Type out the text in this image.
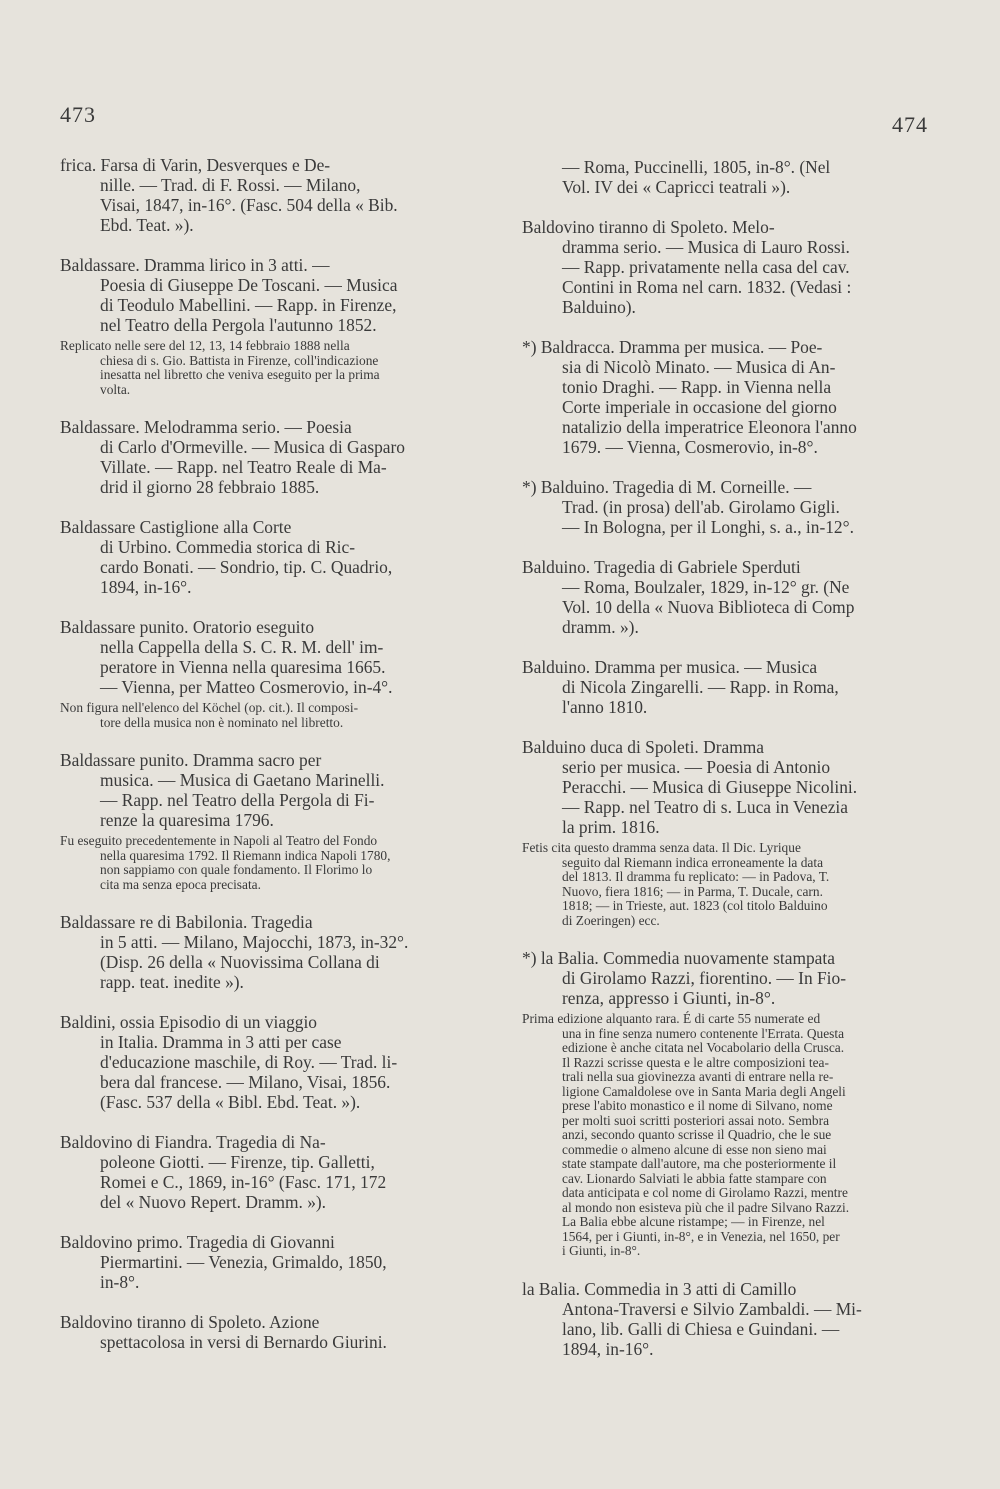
473	474
frica. Farsa di Varin, Desverques e De-
nille. — Trad. di F. Rossi. — Milano,
Visai, 1847, in-16°. (Fasc. 504 della « Bib.
Ebd. Teat. »).
Baldassare. Dramma lirico in 3 atti. —
Poesia di Giuseppe De Toscani. — Musica
di Teodulo Mabellini. — Rapp. in Firenze,
nel Teatro della Pergola l'autunno 1852.
Replicato nelle sere del 12, 13, 14 febbraio 1888 nella
chiesa di s. Gio. Battista in Firenze, coll'indicazione
inesatta nel libretto che veniva eseguito per la prima
volta.
Baldassare. Melodramma serio. — Poesia
di Carlo d'Ormeville. — Musica di Gasparo
Villate. — Rapp. nel Teatro Reale di Ma-
drid il giorno 28 febbraio 1885.
Baldassare Castiglione alla Corte
di Urbino. Commedia storica di Ric-
cardo Bonati. — Sondrio, tip. C. Quadrio,
1894, in-16°.
Baldassare punito. Oratorio eseguito
nella Cappella della S. C. R. M. dell' im-
peratore in Vienna nella quaresima 1665.
— Vienna, per Matteo Cosmerovio, in-4°.
Non figura nell'elenco del Köchel (op. cit.). Il composi-
tore della musica non è nominato nel libretto.
Baldassare punito. Dramma sacro per
musica. — Musica di Gaetano Marinelli.
— Rapp. nel Teatro della Pergola di Fi-
renze la quaresima 1796.
Fu eseguito precedentemente in Napoli al Teatro del Fondo
nella quaresima 1792. Il Riemann indica Napoli 1780,
non sappiamo con quale fondamento. Il Florimo lo
cita ma senza epoca precisata.
Baldassare re di Babilonia. Tragedia
in 5 atti. — Milano, Majocchi, 1873, in-32°.
(Disp. 26 della « Nuovissima Collana di
rapp. teat. inedite »).
Baldini, ossia Episodio di un viaggio
in Italia. Dramma in 3 atti per case
d'educazione maschile, di Roy. — Trad. li-
bera dal francese. — Milano, Visai, 1856.
(Fasc. 537 della « Bibl. Ebd. Teat. »).
Baldovino di Fiandra. Tragedia di Na-
poleone Giotti. — Firenze, tip. Galletti,
Romei e C., 1869, in-16° (Fasc. 171, 172
del « Nuovo Repert. Dramm. »).
Baldovino primo. Tragedia di Giovanni
Piermartini. — Venezia, Grimaldo, 1850,
in-8°.
Baldovino tiranno di Spoleto. Azione
spettacolosa in versi di Bernardo Giurini.
— Roma, Puccinelli, 1805, in-8°. (Nel
Vol. IV dei « Capricci teatrali »).
Baldovino tiranno di Spoleto. Melo-
dramma serio. — Musica di Lauro Rossi.
— Rapp. privatamente nella casa del cav.
Contini in Roma nel carn. 1832. (Vedasi :
Balduino).
*) Baldracca. Dramma per musica. — Poe-
sia di Nicolò Minato. — Musica di An-
tonio Draghi. — Rapp. in Vienna nella
Corte imperiale in occasione del giorno
natalizio della imperatrice Eleonora l'anno
1679. — Vienna, Cosmerovio, in-8°.
*) Balduino. Tragedia di M. Corneille. —
Trad. (in prosa) dell'ab. Girolamo Gigli.
— In Bologna, per il Longhi, s. a., in-12°.
Balduino. Tragedia di Gabriele Sperduti
— Roma, Boulzaler, 1829, in-12° gr. (Ne
Vol. 10 della « Nuova Biblioteca di Comp
dramm. »).
Balduino. Dramma per musica. — Musica
di Nicola Zingarelli. — Rapp. in Roma,
l'anno 1810.
Balduino duca di Spoleti. Dramma
serio per musica. — Poesia di Antonio
Peracchi. — Musica di Giuseppe Nicolini.
— Rapp. nel Teatro di s. Luca in Venezia
la prim. 1816.
Fetis cita questo dramma senza data. Il Dic. Lyrique
seguito dal Riemann indica erroneamente la data
del 1813. Il dramma fu replicato: — in Padova, T.
Nuovo, fiera 1816; — in Parma, T. Ducale, carn.
1818; — in Trieste, aut. 1823 (col titolo Balduino
di Zoeringen) ecc.
*) la Balia. Commedia nuovamente stampata
di Girolamo Razzi, fiorentino. — In Fio-
renza, appresso i Giunti, in-8°.
Prima edizione alquanto rara. É di carte 55 numerate ed
una in fine senza numero contenente l'Errata. Questa
edizione è anche citata nel Vocabolario della Crusca.
Il Razzi scrisse questa e le altre composizioni tea-
trali nella sua giovinezza avanti di entrare nella re-
ligione Camaldolese ove in Santa Maria degli Angeli
prese l'abito monastico e il nome di Silvano, nome
per molti suoi scritti posteriori assai noto. Sembra
anzi, secondo quanto scrisse il Quadrio, che le sue
commedie o almeno alcune di esse non sieno mai
state stampate dall'autore, ma che posteriormente il
cav. Lionardo Salviati le abbia fatte stampare con
data anticipata e col nome di Girolamo Razzi, mentre
al mondo non esisteva più che il padre Silvano Razzi.
La Balia ebbe alcune ristampe; — in Firenze, nel
1564, per i Giunti, in-8°, e in Venezia, nel 1650, per
i Giunti, in-8°.
la Balia. Commedia in 3 atti di Camillo
Antona-Traversi e Silvio Zambaldi. — Mi-
lano, lib. Galli di Chiesa e Guindani. —
1894, in-16°.
